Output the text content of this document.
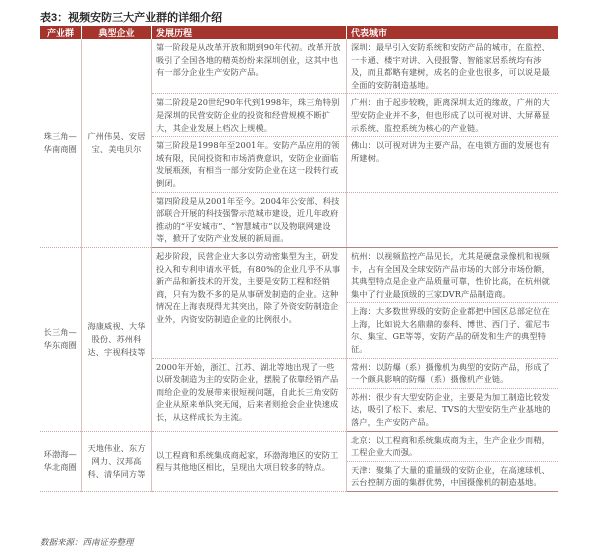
表3：视频安防三大产业群的详细介绍
产业群	典型企业	发展历程	代表城市
珠三角—华南商圈	广州伟昊、安居宝、美电贝尔	第一阶段是从改革开放和期到90年代初。改革开放吸引了全国各地的精英纷纷来深圳创业，这其中也有一部分企业生产安防产品。	深圳：最早引入安防系统和安防产品的城市，在监控、一卡通、楼宇对讲、入侵报警、智能家居系统均有涉及，而且都略有建树，成名的企业也很多，可以说是最全面的安防制造基地。
		第二阶段是20世纪90年代到1998年，珠三角特别是深圳的民营安防企业的投资和经营规模不断扩大，其企业发展上档次上规模。	广州：由于起步较晚，距离深圳太近的缘故，广州的大型安防企业并不多，但也形成了以可视对讲、大屏幕显示系统、监控系统为核心的产业链。
		第三阶段是1998年至2001年。安防产品应用的领域有限，民间投资和市场消费意识，安防企业面临发展瓶颈，有相当一部分安防企业在这一段转行或倒闭。	佛山：以可视对讲为主要产品，在电锁方面的发展也有所建树。
		第四阶段是从2001年至今。2004年公安部、科技部联合开展的科技强警示范城市建设，近几年政府推动的“平安城市”、“智慧城市”以及物联网建设等，掀开了安防产业发展的新局面。	
长三角—华东商圈	海康威视、大华股份、苏州科达、宇视科技等	起步阶段，民营企业大多以劳动密集型为主，研发投入和专利申请水平低，有80%的企业几乎不从事新产品和新技术的开发，主要是安防工程和经销商，只有为数不多的是从事研发制造的企业。这种情况在上海表现得尤其突出，除了外资安防制造企业外，内资安防制造企业的比例很小。	杭州：以视频监控产品见长，尤其是硬盘录像机和视频卡，占有全国及全球安防产品市场的大部分市场份额，其典型特点是企业产品质量可靠，性价比高，在杭州就集中了行业最顶级的三家DVR产品制造商。
			上海：大多数世界级的安防企业都把中国区总部定位在上海，比如说大名鼎鼎的泰科、博世、西门子、霍尼韦尔、集宝、GE等等，安防产品的研发和生产的典型特征。
		2000年开始，浙江、江苏、湖北等地出现了一些以研发制造为主的安防企业，摆脱了依靠经销产品而给企业的发展带来很短视问题，自此长三角安防企业从原来单队突无闻，后来者则抢会企业快速成长，从这样成长为主流。	常州：以防爆（系）摄像机为典型的安防产品，形成了一个颇具影响的防爆（系）摄像机产业链。
			苏州：很少有大型安防企业，主要是为加工制造比较发达，吸引了松下、索尼、TVS的大型安防生产业基地的落户，生产安防产品。
环渤海—华北商圈	天地伟业、东方网力、汉邦高科、清华同方等	以工程商和系统集成商起家，环渤海地区的安防工程与其他地区相比，呈现出大项目较多的特点。	北京：以工程商和系统集成商为主，生产企业少而精，工程企业大而强。
			天津：聚集了大量的重量级的安防企业，在高速球机、云台控制方面的集群优势，中国摄像机的制造基地。
数据来源：西南证券整理
